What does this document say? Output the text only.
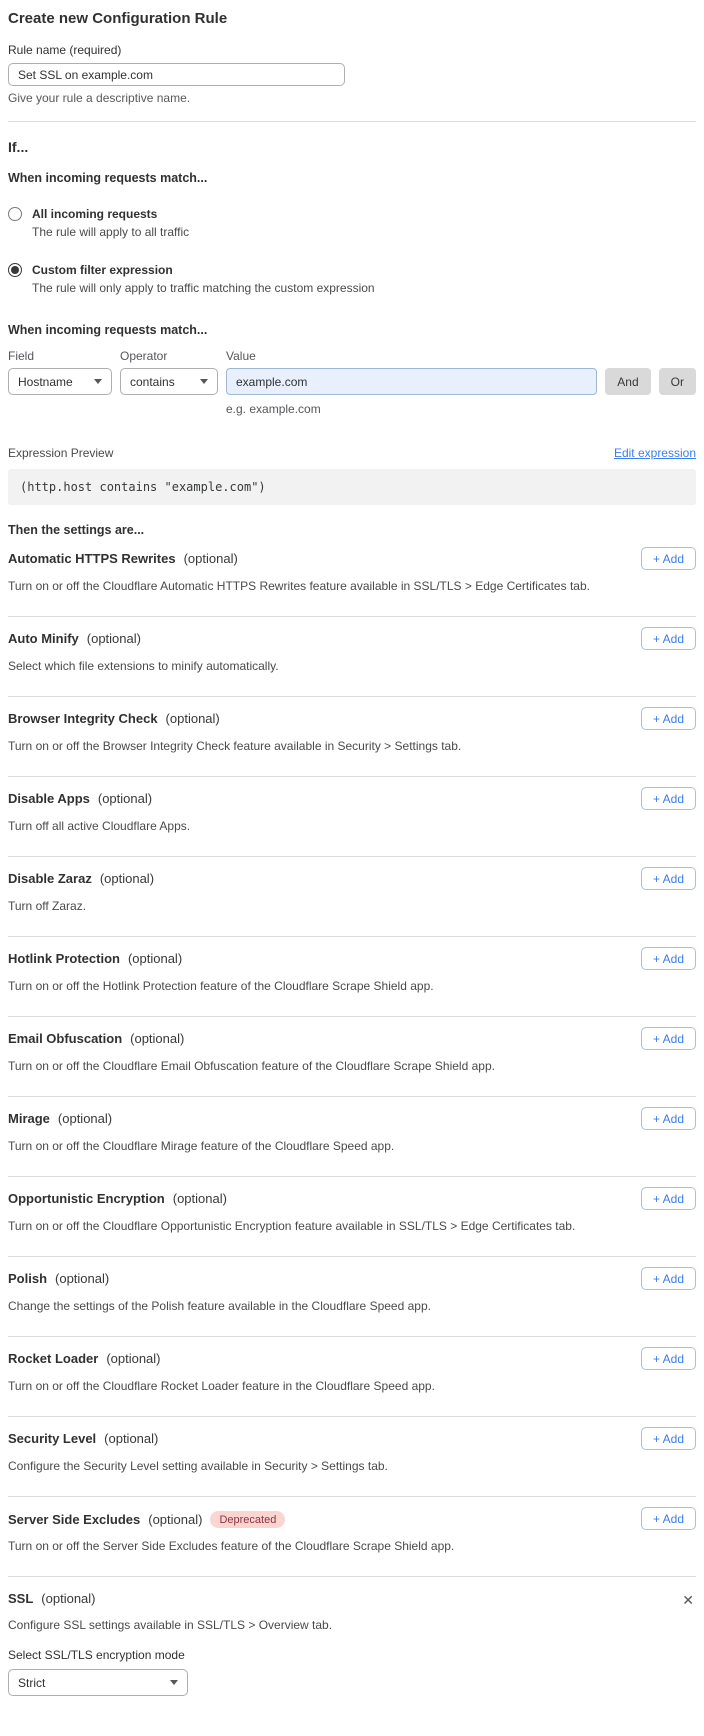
Create new Configuration Rule
Rule name (required)
Set SSL on example.com
Give your rule a descriptive name.
If...
When incoming requests match...
All incoming requests
The rule will apply to all traffic
Custom filter expression
The rule will only apply to traffic matching the custom expression
When incoming requests match...
Field
Hostname
Operator
contains
Value
example.com
e.g. example.com
And	Or
Expression Preview	Edit expression
(http.host contains "example.com")
Then the settings are...
Automatic HTTPS Rewrites (optional)	+ Add
Turn on or off the Cloudflare Automatic HTTPS Rewrites feature available in SSL/TLS > Edge Certificates tab.
Auto Minify (optional)	+ Add
Select which file extensions to minify automatically.
Browser Integrity Check (optional)	+ Add
Turn on or off the Browser Integrity Check feature available in Security > Settings tab.
Disable Apps (optional)	+ Add
Turn off all active Cloudflare Apps.
Disable Zaraz (optional)	+ Add
Turn off Zaraz.
Hotlink Protection (optional)	+ Add
Turn on or off the Hotlink Protection feature of the Cloudflare Scrape Shield app.
Email Obfuscation (optional)	+ Add
Turn on or off the Cloudflare Email Obfuscation feature of the Cloudflare Scrape Shield app.
Mirage (optional)	+ Add
Turn on or off the Cloudflare Mirage feature of the Cloudflare Speed app.
Opportunistic Encryption (optional)	+ Add
Turn on or off the Cloudflare Opportunistic Encryption feature available in SSL/TLS > Edge Certificates tab.
Polish (optional)	+ Add
Change the settings of the Polish feature available in the Cloudflare Speed app.
Rocket Loader (optional)	+ Add
Turn on or off the Cloudflare Rocket Loader feature in the Cloudflare Speed app.
Security Level (optional)	+ Add
Configure the Security Level setting available in Security > Settings tab.
Server Side Excludes (optional)	Deprecated	+ Add
Turn on or off the Server Side Excludes feature of the Cloudflare Scrape Shield app.
SSL (optional)	✕
Configure SSL settings available in SSL/TLS > Overview tab.
Select SSL/TLS encryption mode
Strict
